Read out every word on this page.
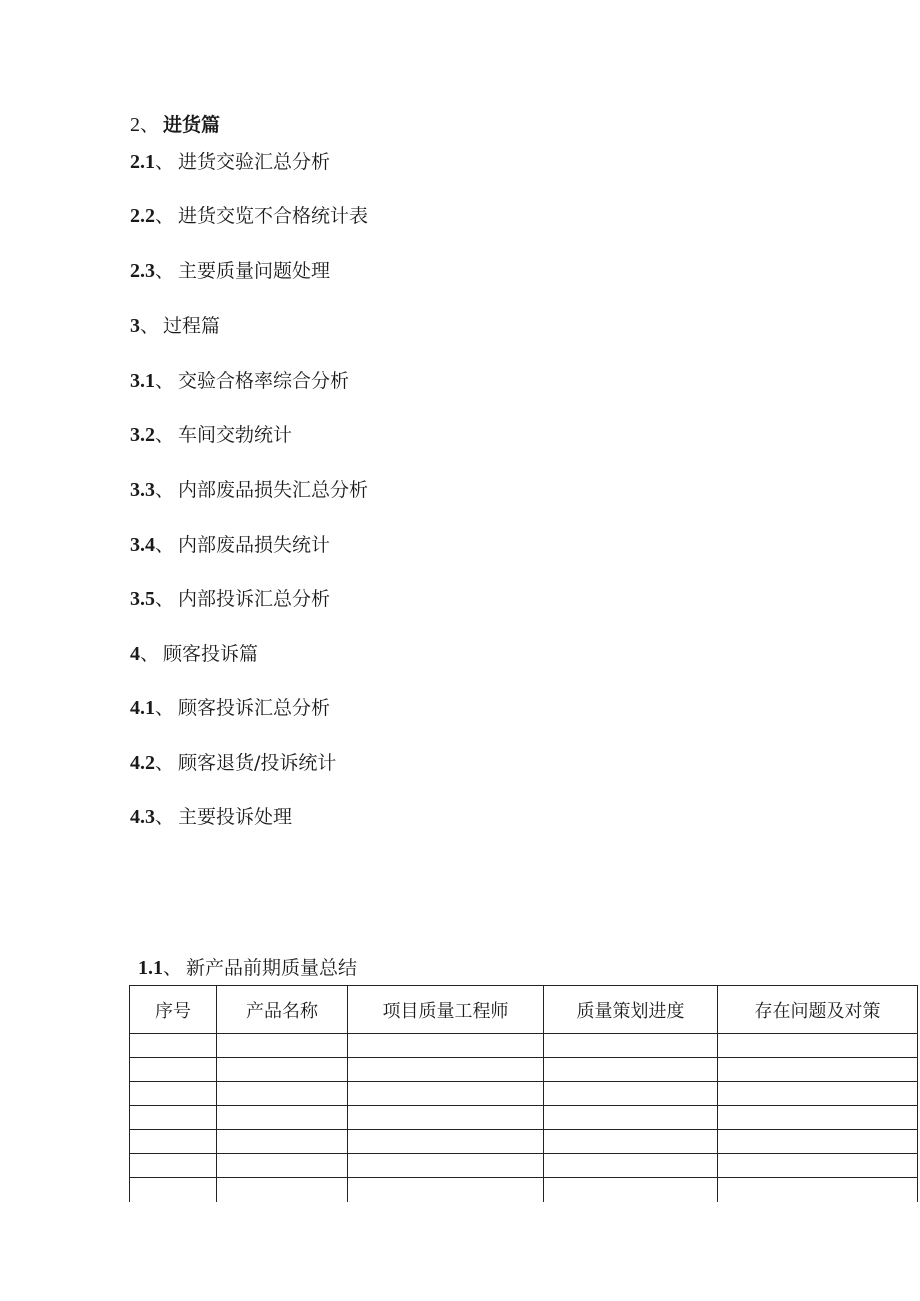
2、 进货篇
2.1、 进货交验汇总分析
2.2、 进货交览不合格统计表
2.3、 主要质量问题处理
3、 过程篇
3.1、 交验合格率综合分析
3.2、 车间交勃统计
3.3、 内部废品损失汇总分析
3.4、 内部废品损失统计
3.5、 内部投诉汇总分析
4、 顾客投诉篇
4.1、 顾客投诉汇总分析
4.2、 顾客退货/投诉统计
4.3、 主要投诉处理
1.1、 新产品前期质量总结
序号	产品名称	项目质量工程师	质量策划进度	存在问题及对策
